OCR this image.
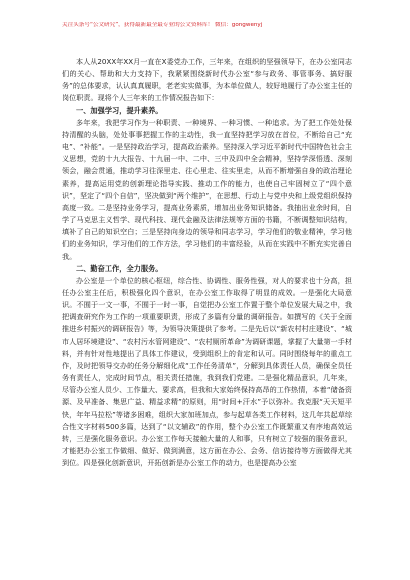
关注头条号“公文研究”，获得最新最全最专业的公文资料库！ 微信：gongwenyj

本人从20XX年XX月一直在X委党办工作，三年来，在组织的坚强领导下，在办公室同志们的关心、帮助和大力支持下，我紧紧围绕新时代办公室“参与政务、事管事务、搞好服务”的总体要求，认认真真履职，老老实实做事，为本单位做人，较好地履行了办公室主任的岗位职责。现将个人三年来的工作情况报告如下：

一、加强学习，提升素养。

多年来，我把学习作为一种职责、一种境界、一种习惯、一种追求。为了把工作处处保持清醒的头脑，处处事事把握工作的主动性，我一直坚持把学习放在首位，不断给自己“充电”、“补能”。一是坚持政治学习，提高政治素养。坚持深入学习近平新时代中国特色社会主义思想，党的十九大报告、十九届一中、二中、三中及四中全会精神，坚持学深悟透、深刻领会，融会贯通，推动学习往深里走、往心里走、往实里走，从而不断增强自身的政治理论素养，提高运用党的创新理论指导实践、推动工作的能力，也使自己牢固树立了“四个意识”，坚定了“四个自信”，坚决做到“两个维护”，在思想、行动上与党中央和上级党组织保持高度一致。二是坚持业务学习，提高业务素质，增加出业务知识储备。我抽出业余时间，自学了马克思主义哲学、现代科技、现代金融及法律法规等方面的书籍，不断调整知识结构，填补了自己的知识空白；三是坚持向身边的领导和同志学习，学习他们的敬业精神，学习他们的业务知识，学习他们的工作方法，学习他们的丰富经验，从而在实践中不断充实完善自我。

二、勤奋工作，全力服务。

办公室是一个单位的核心枢纽，综合性、协调性、服务性强，对人的要求也十分高，担任办公室主任后，积极强化四个意识，在办公室工作取得了明显的成效。一是强化大局意识。不囿于一文一事，不囿于一时一事，自觉把办公室工作置于整个单位发展大局之中，我把调查研究作为工作的一项重要职责，形成了多篇有分量的调研报告。如撰写的《关于全面推进乡村振兴的调研报告》等，为领导决策提供了参考。二是先后以“新农村村庄建设”、“城市人居环境建设”、“农村污水管网建设”、“农村厕所革命”为调研课题，掌握了大量第一手材料，并有针对性地提出了具体工作建议，受到组织上的肯定和认可。同时围绕每年的重点工作，及时把领导交办的任务分解细化成“工作任务清单”，分解到具体责任人员，确保全员任务有责任人，完成时间节点，相关责任措施，我到我们党建。二是强化精品意识，几年来，尽管办公室人员少、工作量大、要求高，但我和大家始终保持高昂的工作热情，本着“储备资源、及早准备、集思广益、精益求精”的原则，用“时间+汗水”予以弥补。我克服“天天短平快，年年马拉松”等诸多困难，组织大家加班加点，参与起草各类工作材料，这几年共起草综合性文字材料500多篇，达到了“以文辅政”的作用，整个办公室工作既繁重又有序地高效运转，三是强化服务意识。办公室工作每天接触大量的人和事，只有树立了较强的服务意识，才能把办公室工作做细、做好、做到满意，这方面在办公、会务、信访接待等方面做得尤其到位。四是强化创新意识，开拓创新是办公室工作的动力，也是提高办公室
